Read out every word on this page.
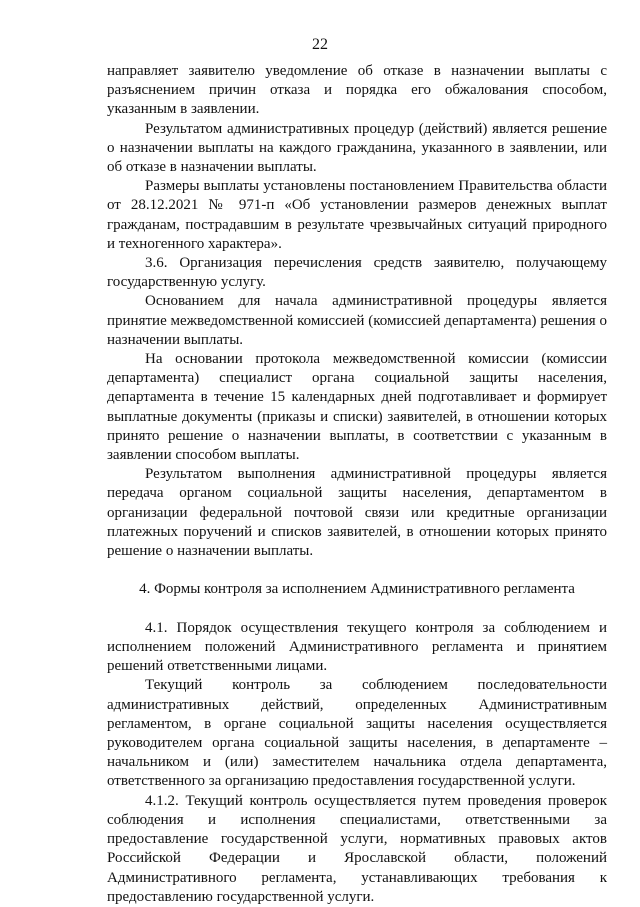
22

направляет заявителю уведомление об отказе в назначении выплаты с разъяснением причин отказа и порядка его обжалования способом, указанным в заявлении.

Результатом административных процедур (действий) является решение о назначении выплаты на каждого гражданина, указанного в заявлении, или об отказе в назначении выплаты.

Размеры выплаты установлены постановлением Правительства области от 28.12.2021 № 971-п «Об установлении размеров денежных выплат гражданам, пострадавшим в результате чрезвычайных ситуаций природного и техногенного характера».

3.6. Организация перечисления средств заявителю, получающему государственную услугу.

Основанием для начала административной процедуры является принятие межведомственной комиссией (комиссией департамента) решения о назначении выплаты.

На основании протокола межведомственной комиссии (комиссии департамента) специалист органа социальной защиты населения, департамента в течение 15 календарных дней подготавливает и формирует выплатные документы (приказы и списки) заявителей, в отношении которых принято решение о назначении выплаты, в соответствии с указанным в заявлении способом выплаты.

Результатом выполнения административной процедуры является передача органом социальной защиты населения, департаментом в организации федеральной почтовой связи или кредитные организации платежных поручений и списков заявителей, в отношении которых принято решение о назначении выплаты.

4. Формы контроля за исполнением Административного регламента

4.1. Порядок осуществления текущего контроля за соблюдением и исполнением положений Административного регламента и принятием решений ответственными лицами.

Текущий контроль за соблюдением последовательности административных действий, определенных Административным регламентом, в органе социальной защиты населения осуществляется руководителем органа социальной защиты населения, в департаменте – начальником и (или) заместителем начальника отдела департамента, ответственного за организацию предоставления государственной услуги.

4.1.2. Текущий контроль осуществляется путем проведения проверок соблюдения и исполнения специалистами, ответственными за предоставление государственной услуги, нормативных правовых актов Российской Федерации и Ярославской области, положений Административного регламента, устанавливающих требования к предоставлению государственной услуги.
